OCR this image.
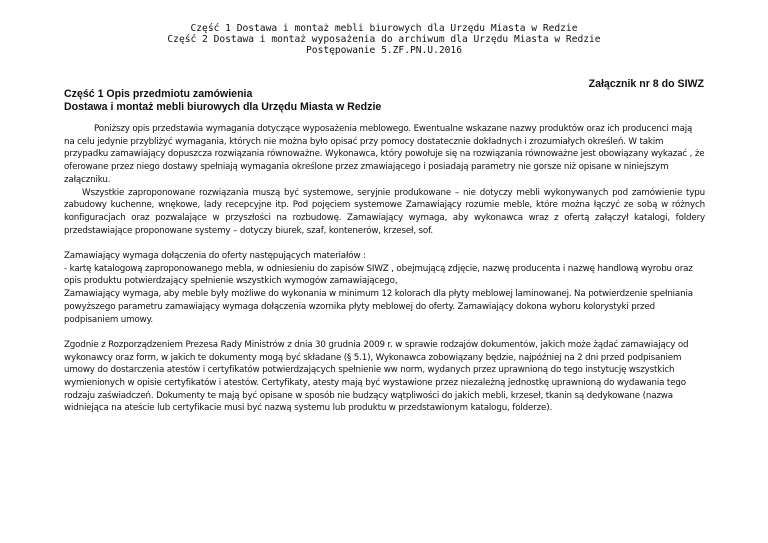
Część 1 Dostawa i montaż mebli biurowych dla Urzędu Miasta w Redzie
Część 2 Dostawa i montaż wyposażenia do archiwum dla Urzędu Miasta w Redzie
Postępowanie 5.ZF.PN.U.2016
Załącznik nr 8 do SIWZ
Część 1 Opis przedmiotu zamówienia
Dostawa i montaż mebli biurowych dla Urzędu Miasta w Redzie

Poniższy opis przedstawia wymagania dotyczące wyposażenia meblowego. Ewentualne wskazane nazwy produktów oraz ich producenci mają na celu jedynie przybliżyć wymagania, których nie można było opisać przy pomocy dostatecznie dokładnych i zrozumiałych określeń. W takim przypadku zamawiający dopuszcza rozwiązania równoważne. Wykonawca, który powołuje się na rozwiązania równoważne jest obowiązany wykazać , że oferowane przez niego dostawy spełniają wymagania określone przez zmawiającego i posiadają parametry nie gorsze niż opisane w niniejszym załączniku.

Wszystkie zaproponowane rozwiązania muszą być systemowe, seryjnie produkowane – nie dotyczy mebli wykonywanych pod zamówienie typu zabudowy kuchenne, wnękowe, lady recepcyjne itp. Pod pojęciem systemowe Zamawiający rozumie meble, które można łączyć ze sobą w różnych konfiguracjach oraz pozwalające w przyszłości na rozbudowę. Zamawiający wymaga, aby wykonawca wraz z ofertą załączył katalogi, foldery przedstawiające proponowane systemy – dotyczy biurek, szaf, kontenerów, krzeseł, sof.

Zamawiający wymaga dołączenia do oferty następujących materiałów :

- kartę katalogową zaproponowanego mebla, w odniesieniu do zapisów SIWZ , obejmującą zdjęcie, nazwę producenta i nazwę handlową wyrobu oraz opis produktu potwierdzający spełnienie wszystkich wymogów zamawiającego,

Zamawiający wymaga, aby meble były możliwe do wykonania w minimum 12 kolorach dla płyty meblowej laminowanej. Na potwierdzenie spełniania powyższego parametru zamawiający wymaga dołączenia wzornika płyty meblowej do oferty. Zamawiający dokona wyboru kolorystyki przed podpisaniem umowy.

Zgodnie z Rozporządzeniem Prezesa Rady Ministrów z dnia 30 grudnia 2009 r. w sprawie rodzajów dokumentów, jakich może żądać zamawiający od wykonawcy oraz form, w jakich te dokumenty mogą być składane (§ 5.1), Wykonawca zobowiązany będzie, najpóźniej na 2 dni przed podpisaniem umowy do dostarczenia atestów i certyfikatów potwierdzających spełnienie ww norm, wydanych przez uprawnioną do tego instytucję wszystkich wymienionych w opisie certyfikatów i atestów. Certyfikaty, atesty mają być wystawione przez niezależną jednostkę uprawnioną do wydawania tego rodzaju zaświadczeń. Dokumenty te mają być opisane w sposób nie budzący wątpliwości do jakich mebli, krzeseł, tkanin są dedykowane (nazwa widniejąca na ateście lub certyfikacie musi być nazwą systemu lub produktu w przedstawionym katalogu, folderze).
